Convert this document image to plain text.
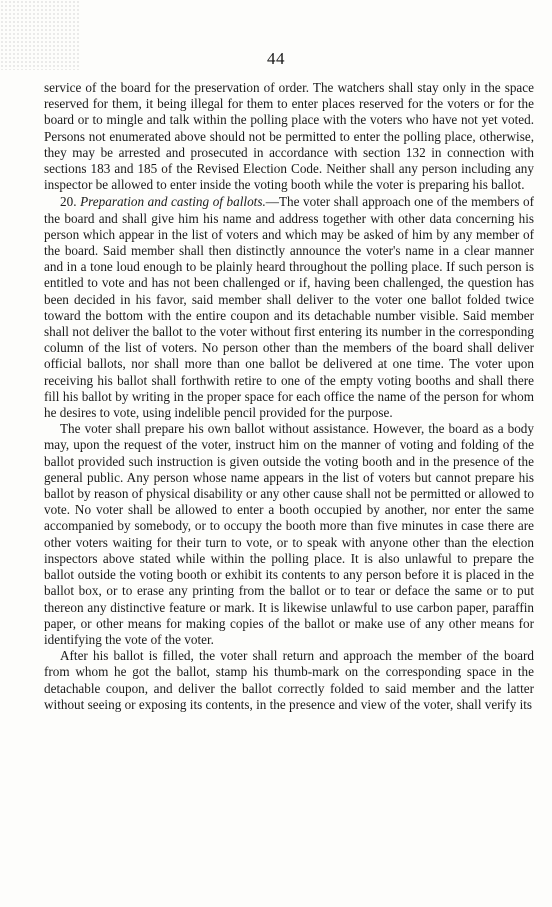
44

service of the board for the preservation of order. The watchers shall stay only in the space reserved for them, it being illegal for them to enter places reserved for the voters or for the board or to mingle and talk within the polling place with the voters who have not yet voted. Persons not enumerated above should not be permitted to enter the polling place, otherwise, they may be arrested and prosecuted in accordance with section 132 in connection with sections 183 and 185 of the Revised Election Code. Neither shall any person including any inspector be allowed to enter inside the voting booth while the voter is preparing his ballot.

20. Preparation and casting of ballots.—The voter shall approach one of the members of the board and shall give him his name and address together with other data concerning his person which appear in the list of voters and which may be asked of him by any member of the board. Said member shall then distinctly announce the voter's name in a clear manner and in a tone loud enough to be plainly heard throughout the polling place. If such person is entitled to vote and has not been challenged or if, having been challenged, the question has been decided in his favor, said member shall deliver to the voter one ballot folded twice toward the bottom with the entire coupon and its detachable number visible. Said member shall not deliver the ballot to the voter without first entering its number in the corresponding column of the list of voters. No person other than the members of the board shall deliver official ballots, nor shall more than one ballot be delivered at one time. The voter upon receiving his ballot shall forthwith retire to one of the empty voting booths and shall there fill his ballot by writing in the proper space for each office the name of the person for whom he desires to vote, using indelible pencil provided for the purpose.

The voter shall prepare his own ballot without assistance. However, the board as a body may, upon the request of the voter, instruct him on the manner of voting and folding of the ballot provided such instruction is given outside the voting booth and in the presence of the general public. Any person whose name appears in the list of voters but cannot prepare his ballot by reason of physical disability or any other cause shall not be permitted or allowed to vote. No voter shall be allowed to enter a booth occupied by another, nor enter the same accompanied by somebody, or to occupy the booth more than five minutes in case there are other voters waiting for their turn to vote, or to speak with anyone other than the election inspectors above stated while within the polling place. It is also unlawful to prepare the ballot outside the voting booth or exhibit its contents to any person before it is placed in the ballot box, or to erase any printing from the ballot or to tear or deface the same or to put thereon any distinctive feature or mark. It is likewise unlawful to use carbon paper, paraffin paper, or other means for making copies of the ballot or make use of any other means for identifying the vote of the voter.

After his ballot is filled, the voter shall return and approach the member of the board from whom he got the ballot, stamp his thumb-mark on the corresponding space in the detachable coupon, and deliver the ballot correctly folded to said member and the latter without seeing or exposing its contents, in the presence and view of the voter, shall verify its
